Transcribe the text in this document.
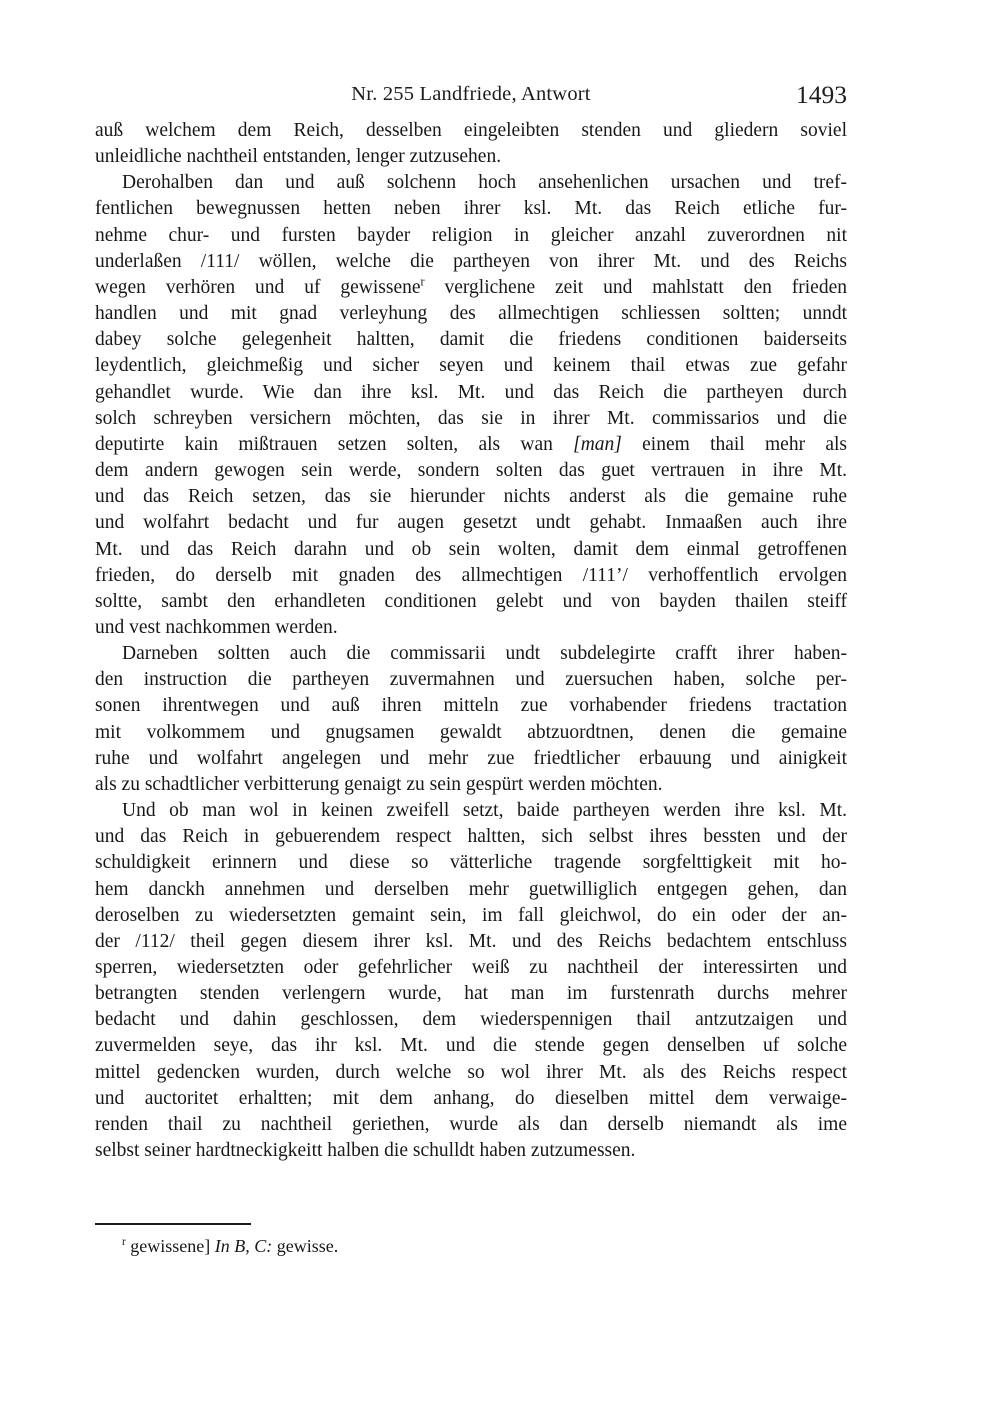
Nr. 255 Landfriede, Antwort	1493
auß welchem dem Reich, desselben eingeleibten stenden und gliedern soviel
unleidliche nachtheil entstanden, lenger zutzusehen.
Derohalben dan und auß solchenn hoch ansehenlichen ursachen und tref-
fentlichen bewegnussen hetten neben ihrer ksl. Mt. das Reich etliche fur-
nehme chur- und fursten bayder religion in gleicher anzahl zuverordnen nit
underlaßen /111/ wöllen, welche die partheyen von ihrer Mt. und des Reichs
wegen verhören und uf gewissene$^r$ verglichene zeit und mahlstatt den frieden
handlen und mit gnad verleyhung des allmechtigen schliessen soltten; unndt
dabey solche gelegenheit haltten, damit die friedens conditionen baiderseits
leydentlich, gleichmeßig und sicher seyen und keinem thail etwas zue gefahr
gehandlet wurde. Wie dan ihre ksl. Mt. und das Reich die partheyen durch
solch schreyben versichern möchten, das sie in ihrer Mt. commissarios und die
deputirte kain mißtrauen setzen solten, als wan [man] einem thail mehr als
dem andern gewogen sein werde, sondern solten das guet vertrauen in ihre Mt.
und das Reich setzen, das sie hierunder nichts anderst als die gemaine ruhe
und wolfahrt bedacht und fur augen gesetzt undt gehabt. Inmaaßen auch ihre
Mt. und das Reich darahn und ob sein wolten, damit dem einmal getroffenen
frieden, do derselb mit gnaden des allmechtigen /111’/ verhoffentlich ervolgen
soltte, sambt den erhandleten conditionen gelebt und von bayden thailen steiff
und vest nachkommen werden.
Darneben soltten auch die commissarii undt subdelegirte crafft ihrer haben-
den instruction die partheyen zuvermahnen und zuersuchen haben, solche per-
sonen ihrentwegen und auß ihren mitteln zue vorhabender friedens tractation
mit volkommem und gnugsamen gewaldt abtzuordtnen, denen die gemaine
ruhe und wolfahrt angelegen und mehr zue friedtlicher erbauung und ainigkeit
als zu schadtlicher verbitterung genaigt zu sein gespürt werden möchten.
Und ob man wol in keinen zweifell setzt, baide partheyen werden ihre ksl. Mt.
und das Reich in gebuerendem respect haltten, sich selbst ihres bessten und der
schuldigkeit erinnern und diese so vätterliche tragende sorgfelttigkeit mit ho-
hem danckh annehmen und derselben mehr guetwilliglich entgegen gehen, dan
deroselben zu wiedersetzten gemaint sein, im fall gleichwol, do ein oder der an-
der /112/ theil gegen diesem ihrer ksl. Mt. und des Reichs bedachtem entschluss
sperren, wiedersetzten oder gefehrlicher weiß zu nachtheil der interessirten und
betrangten stenden verlengern wurde, hat man im furstenrath durchs mehrer
bedacht und dahin geschlossen, dem wiederspennigen thail antzutzaigen und
zuvermelden seye, das ihr ksl. Mt. und die stende gegen denselben uf solche
mittel gedencken wurden, durch welche so wol ihrer Mt. als des Reichs respect
und auctoritet erhaltten; mit dem anhang, do dieselben mittel dem verwaige-
renden thail zu nachtheil geriethen, wurde als dan derselb niemandt als ime
selbst seiner hardtneckigkeitt halben die schulldt haben zutzumessen.
$^r$ gewissene] In B, C: gewisse.
